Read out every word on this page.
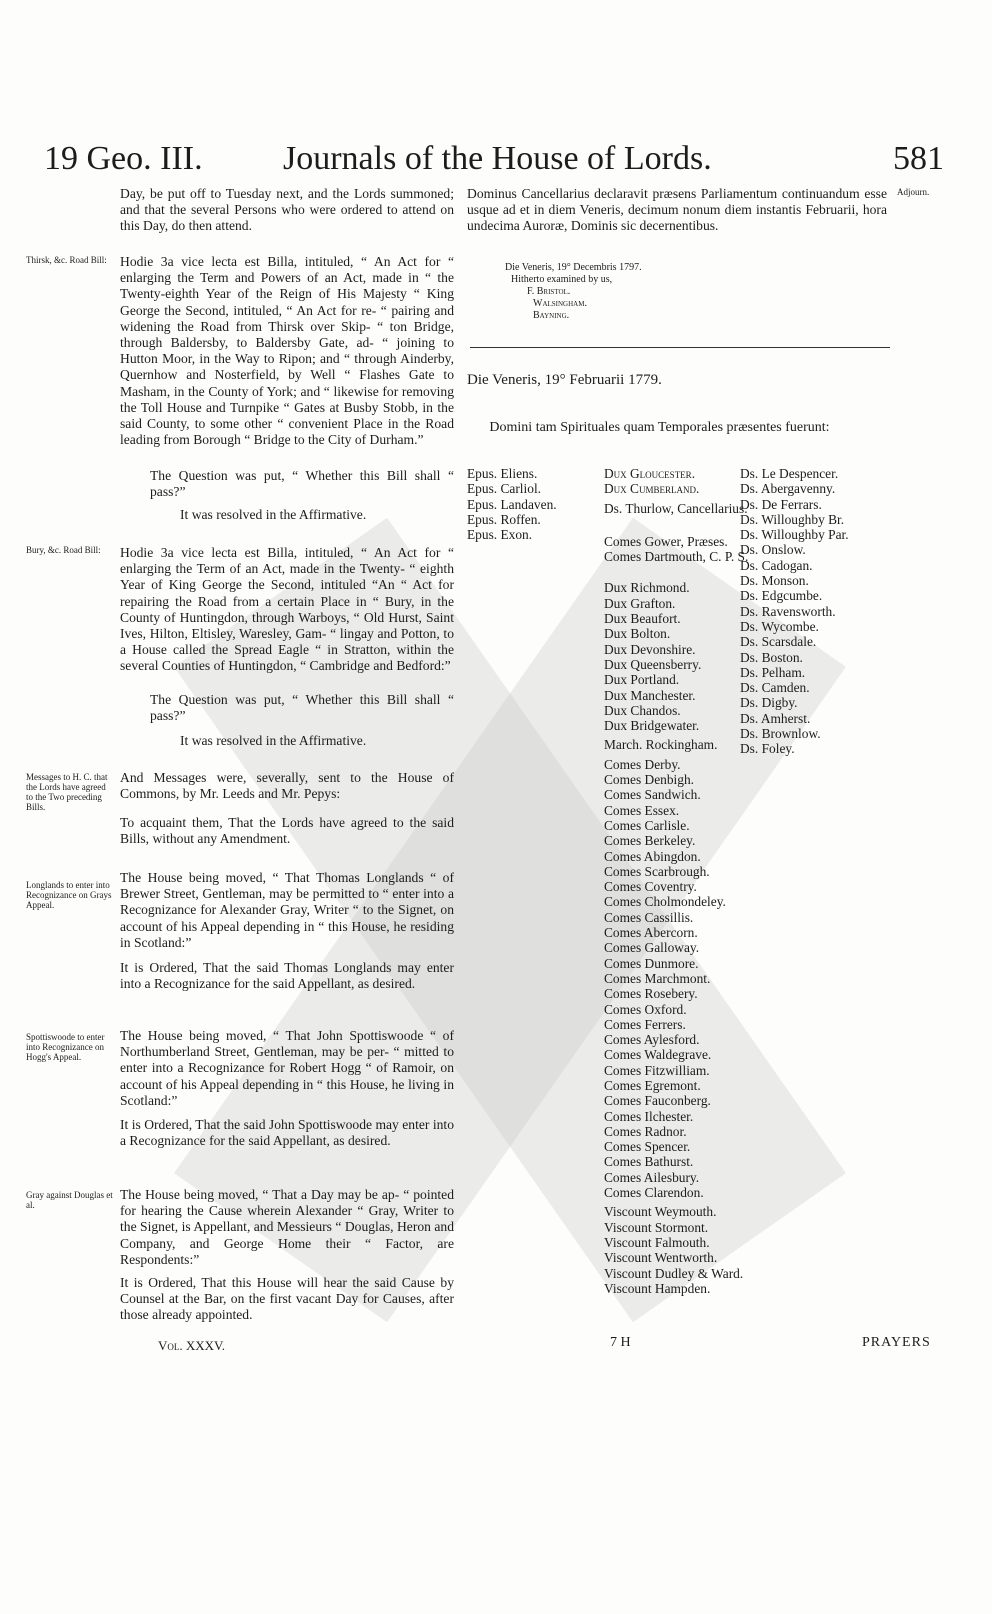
19 Geo. III. Journals of the House of Lords.	581
Day, be put off to Tuesday next, and the Lords summoned; and that the several Persons who were ordered to attend on this Day, do then attend.
Thirsk, &c. Road Bill: Hodie 3a vice lecta est Billa, intituled, “ An Act for “ enlarging the Term and Powers of an Act, made in “ the Twenty-eighth Year of the Reign of His Majesty “ King George the Second, intituled, “ An Act for re- “ pairing and widening the Road from Thirsk over Skip- “ ton Bridge, through Baldersby, to Baldersby Gate, ad- “ joining to Hutton Moor, in the Way to Ripon; and “ through Ainderby, Quernhow and Nosterfield, by Well “ Flashes Gate to Masham, in the County of York; and “ likewise for removing the Toll House and Turnpike “ Gates at Busby Stobb, in the said County, to some other “ convenient Place in the Road leading from Borough “ Bridge to the City of Durham.”
The Question was put, “ Whether this Bill shall “ pass?”
It was resolved in the Affirmative.
Bury, &c. Road Bill:	Hodie 3a vice lecta est Billa, intituled, “ An Act for “ enlarging the Term of an Act, made in the Twenty- “ eighth Year of King George the Second, intituled “An “ Act for repairing the Road from a certain Place in “ Bury, in the County of Huntingdon, through Warboys, “ Old Hurst, Saint Ives, Hilton, Eltisley, Waresley, Gam- “ lingay and Potton, to a House called the Spread Eagle “ in Stratton, within the several Counties of Huntingdon, “ Cambridge and Bedford:”
The Question was put, “ Whether this Bill shall “ pass?”
It was resolved in the Affirmative.
Messages to H. C. that the Lords have agreed to the Two preceding Bills.
And Messages were, severally, sent to the House of Commons, by Mr. Leeds and Mr. Pepys:
To acquaint them, That the Lords have agreed to the said Bills, without any Amendment.
Longlands to enter into Recognizance on Grays Appeal.
The House being moved, “ That Thomas Longlands “ of Brewer Street, Gentleman, may be permitted to “ enter into a Recognizance for Alexander Gray, Writer “ to the Signet, on account of his Appeal depending in “ this House, he residing in Scotland:”
It is Ordered, That the said Thomas Longlands may enter into a Recognizance for the said Appellant, as desired.
Spottiswoode to enter into Recognizance on Hogg's Appeal.
The House being moved, “ That John Spottiswoode “ of Northumberland Street, Gentleman, may be per- “ mitted to enter into a Recognizance for Robert Hogg “ of Ramoir, on account of his Appeal depending in “ this House, he living in Scotland:”
It is Ordered, That the said John Spottiswoode may enter into a Recognizance for the said Appellant, as desired.
Gray against Douglas et al.
The House being moved, “ That a Day may be ap- “ pointed for hearing the Cause wherein Alexander “ Gray, Writer to the Signet, is Appellant, and Messieurs “ Douglas, Heron and Company, and George Home their “ Factor, are Respondents:”
It is Ordered, That this House will hear the said Cause by Counsel at the Bar, on the first vacant Day for Causes, after those already appointed.
Vol. XXXV.
Dominus Cancellarius declaravit præsens Parliamentum continuandum esse usque ad et in diem Veneris, decimum nonum diem instantis Februarii, hora undecima Auroræ, Dominis sic decernentibus.
Adjourn.
Die Veneris, 19° Decembris 1797.
Hitherto examined by us,
F. Bristol.
Walsingham.
Bayning.
Die Veneris, 19° Februarii 1779.
Domini tam Spirituales quam Temporales præsentes fuerunt:
Epus. Eliens.
Epus. Carliol.
Epus. Landaven.
Epus. Roffen.
Epus. Exon.
Dux Gloucester.
Dux Cumberland.
Ds. Thurlow, Cancellarius.
Comes Gower, Præses.
Comes Dartmouth, C. P. S.
Dux Richmond.
Dux Grafton.
Dux Beaufort.
Dux Bolton.
Dux Devonshire.
Dux Queensberry.
Dux Portland.
Dux Manchester.
Dux Chandos.
Dux Bridgewater.
March. Rockingham.
Comes Derby.
Comes Denbigh.
Comes Sandwich.
Comes Essex.
Comes Carlisle.
Comes Berkeley.
Comes Abingdon.
Comes Scarbrough.
Comes Coventry.
Comes Cholmondeley.
Comes Cassillis.
Comes Abercorn.
Comes Galloway.
Comes Dunmore.
Comes Marchmont.
Comes Rosebery.
Comes Oxford.
Comes Ferrers.
Comes Aylesford.
Comes Waldegrave.
Comes Fitzwilliam.
Comes Egremont.
Comes Fauconberg.
Comes Ilchester.
Comes Radnor.
Comes Spencer.
Comes Bathurst.
Comes Ailesbury.
Comes Clarendon.
Viscount Weymouth.
Viscount Stormont.
Viscount Falmouth.
Viscount Wentworth.
Viscount Dudley & Ward.
Viscount Hampden.
Ds. Le Despencer.
Ds. Abergavenny.
Ds. De Ferrars.
Ds. Willoughby Br.
Ds. Willoughby Par.
Ds. Onslow.
Ds. Cadogan.
Ds. Monson.
Ds. Edgcumbe.
Ds. Ravensworth.
Ds. Wycombe.
Ds. Scarsdale.
Ds. Boston.
Ds. Pelham.
Ds. Camden.
Ds. Digby.
Ds. Amherst.
Ds. Brownlow.
Ds. Foley.
7 H	PRAYERS
